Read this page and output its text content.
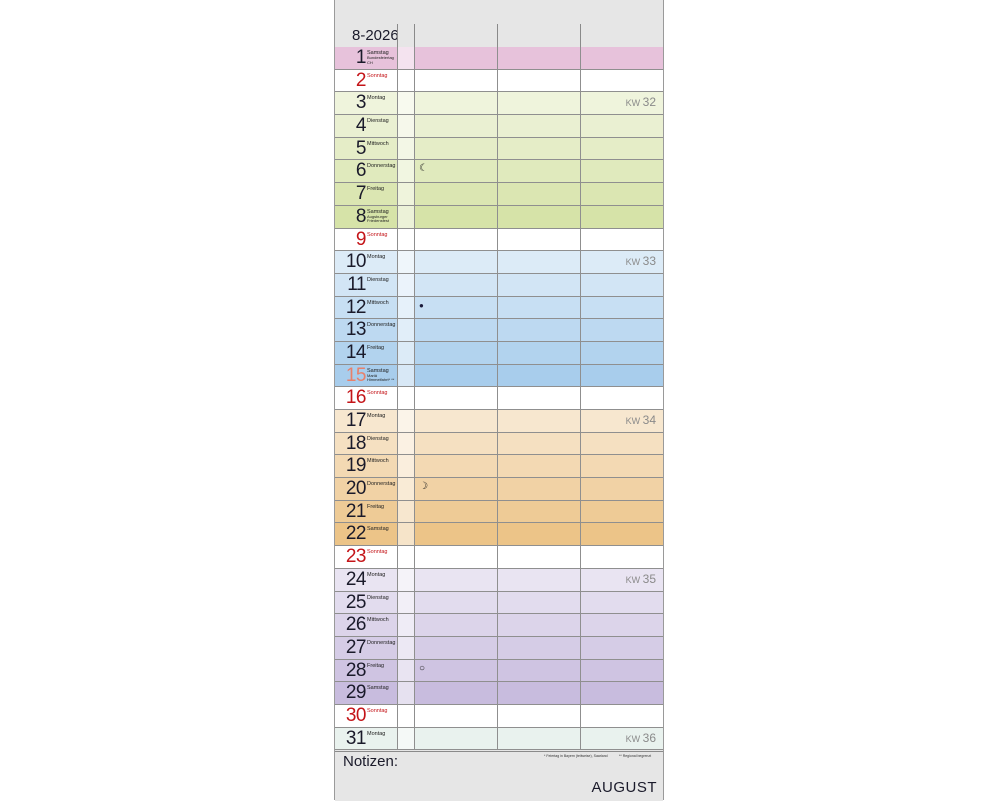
8-2026
1 Samstag
Bundesfeiertag CH
2 Sonntag
3 Montag	KW 32
4 Dienstag
5 Mittwoch
6 Donnerstag ☾
7 Freitag
8 Samstag
Augsburger Friedensfest
9 Sonntag
10 Montag	KW 33
11 Dienstag
12 Mittwoch	●
13 Donnerstag
14 Freitag
15 Samstag
Mariä Himmelfahrt* **
16 Sonntag
17 Montag	KW 34
18 Dienstag
19 Mittwoch
20 Donnerstag ☽
21 Freitag
22 Samstag
23 Sonntag
24 Montag	KW 35
25 Dienstag
26 Mittwoch
27 Donnerstag
28 Freitag	○
29 Samstag
30 Sonntag
31 Montag	KW 36
Notizen:	* Feiertag in Bayern (teilweise), Saarland	** Regional begrenzt
AUGUST
